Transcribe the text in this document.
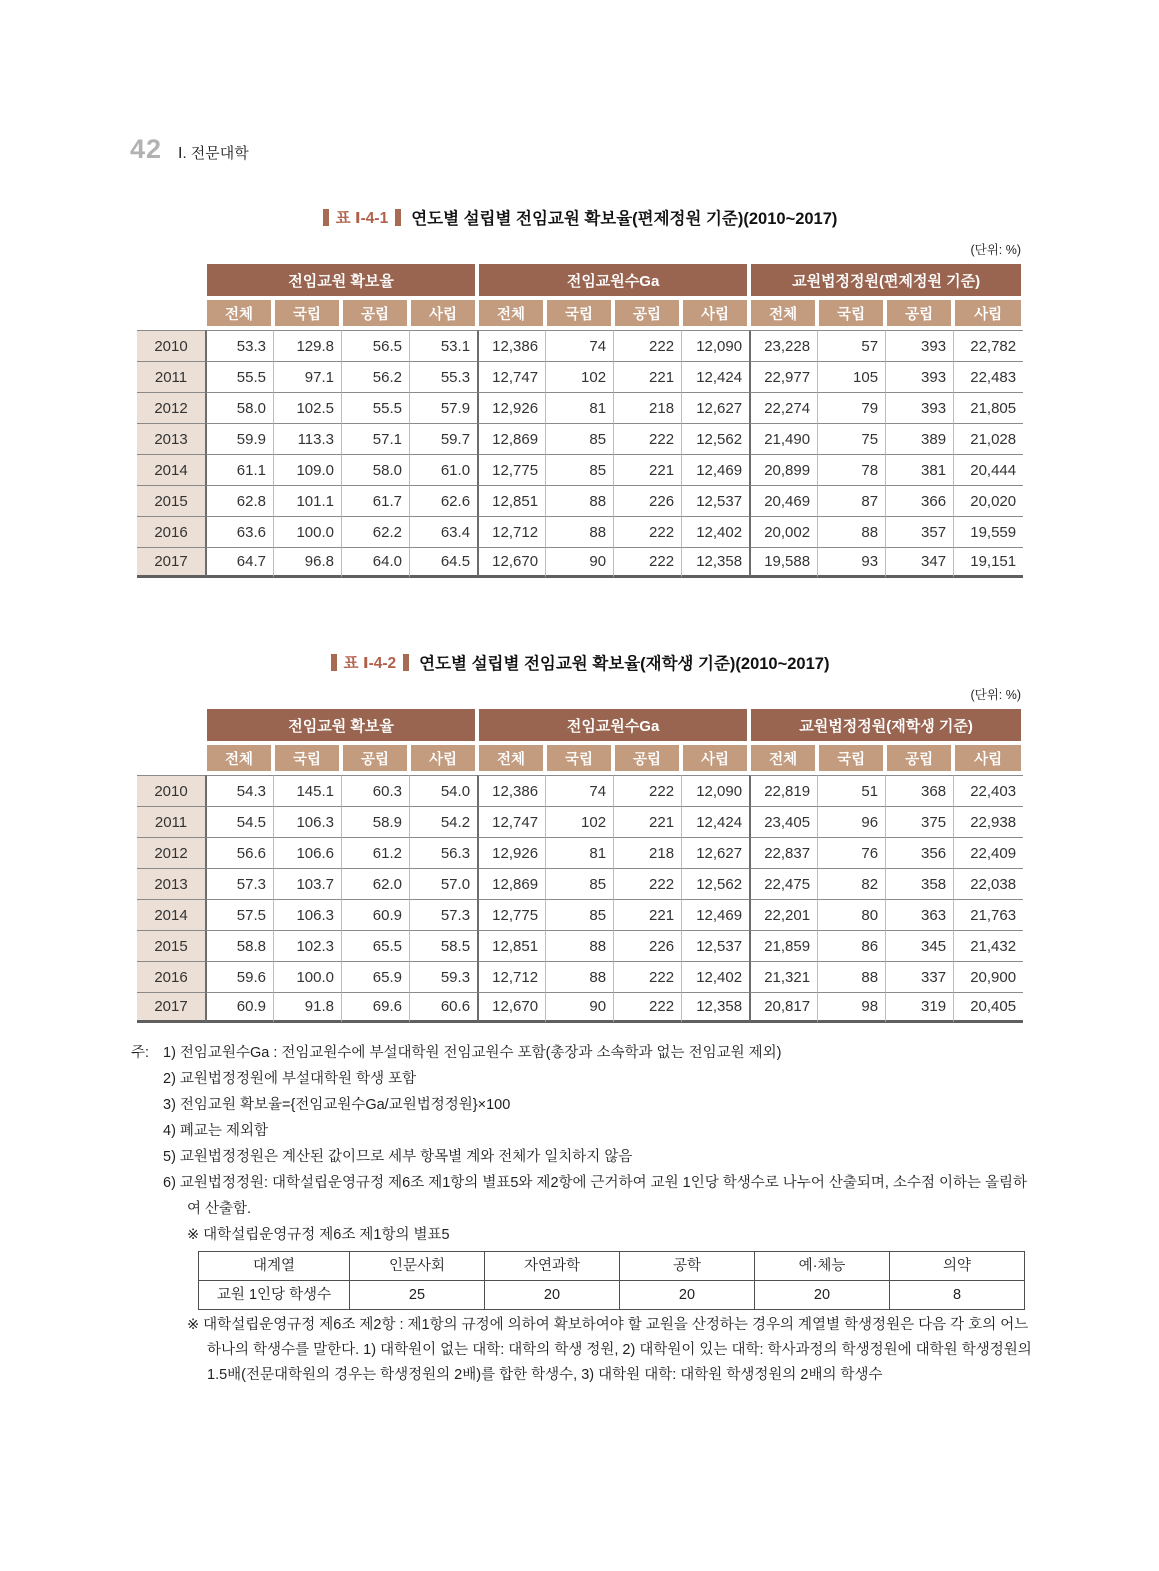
42 Ⅰ. 전문대학
표 Ⅰ-4-1 연도별 설립별 전임교원 확보율(편제정원 기준)(2010~2017)
(단위: %)
	전임교원 확보율				전임교원수Ga				교원법정정원(편제정원 기준)			
	전체	국립	공립	사립	전체	국립	공립	사립	전체	국립	공립	사립
2010	53.3	129.8	56.5	53.1	12,386	74	222	12,090	23,228	57	393	22,782
2011	55.5	97.1	56.2	55.3	12,747	102	221	12,424	22,977	105	393	22,483
2012	58.0	102.5	55.5	57.9	12,926	81	218	12,627	22,274	79	393	21,805
2013	59.9	113.3	57.1	59.7	12,869	85	222	12,562	21,490	75	389	21,028
2014	61.1	109.0	58.0	61.0	12,775	85	221	12,469	20,899	78	381	20,444
2015	62.8	101.1	61.7	62.6	12,851	88	226	12,537	20,469	87	366	20,020
2016	63.6	100.0	62.2	63.4	12,712	88	222	12,402	20,002	88	357	19,559
2017	64.7	96.8	64.0	64.5	12,670	90	222	12,358	19,588	93	347	19,151
표 Ⅰ-4-2 연도별 설립별 전임교원 확보율(재학생 기준)(2010~2017)
(단위: %)
	전임교원 확보율				전임교원수Ga				교원법정정원(재학생 기준)			
	전체	국립	공립	사립	전체	국립	공립	사립	전체	국립	공립	사립
2010	54.3	145.1	60.3	54.0	12,386	74	222	12,090	22,819	51	368	22,403
2011	54.5	106.3	58.9	54.2	12,747	102	221	12,424	23,405	96	375	22,938
2012	56.6	106.6	61.2	56.3	12,926	81	218	12,627	22,837	76	356	22,409
2013	57.3	103.7	62.0	57.0	12,869	85	222	12,562	22,475	82	358	22,038
2014	57.5	106.3	60.9	57.3	12,775	85	221	12,469	22,201	80	363	21,763
2015	58.8	102.3	65.5	58.5	12,851	88	226	12,537	21,859	86	345	21,432
2016	59.6	100.0	65.9	59.3	12,712	88	222	12,402	21,321	88	337	20,900
2017	60.9	91.8	69.6	60.6	12,670	90	222	12,358	20,817	98	319	20,405
주: 1) 전임교원수Ga : 전임교원수에 부설대학원 전임교원수 포함(총장과 소속학과 없는 전임교원 제외)
2) 교원법정정원에 부설대학원 학생 포함
3) 전임교원 확보율={전임교원수Ga/교원법정정원}×100
4) 폐교는 제외함
5) 교원법정정원은 계산된 값이므로 세부 항목별 계와 전체가 일치하지 않음
6) 교원법정정원: 대학설립운영규정 제6조 제1항의 별표5와 제2항에 근거하여 교원 1인당 학생수로 나누어 산출되며, 소수점 이하는 올림하여 산출함.
※ 대학설립운영규정 제6조 제1항의 별표5
대계열	인문사회	자연과학	공학	예·체능	의약
교원 1인당 학생수	25	20	20	20	8
※ 대학설립운영규정 제6조 제2항 : 제1항의 규정에 의하여 확보하여야 할 교원을 산정하는 경우의 계열별 학생정원은 다음 각 호의 어느 하나의 학생수를 말한다. 1) 대학원이 없는 대학: 대학의 학생 정원, 2) 대학원이 있는 대학: 학사과정의 학생정원에 대학원 학생정원의 1.5배(전문대학원의 경우는 학생정원의 2배)를 합한 학생수, 3) 대학원 대학: 대학원 학생정원의 2배의 학생수
